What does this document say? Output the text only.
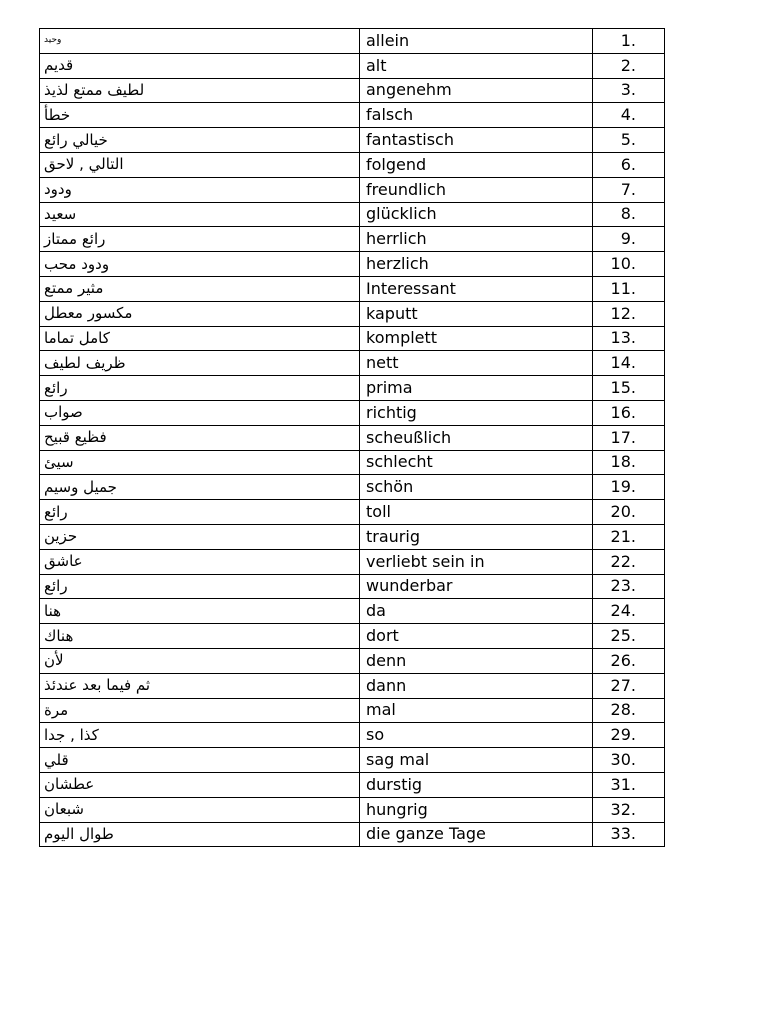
وحيد	allein	1.
قديم	alt	2.
لطيف ممتع لذيذ	angenehm	3.
خطأ	falsch	4.
خيالي رائع	fantastisch	5.
التالي , لاحق	folgend	6.
ودود	freundlich	7.
سعيد	glücklich	8.
رائع ممتاز	herrlich	9.
ودود محب	herzlich	10.
مثير ممتع	Interessant	11.
مكسور معطل	kaputt	12.
كامل تماما	komplett	13.
ظريف لطيف	nett	14.
رائع	prima	15.
صواب	richtig	16.
فظيع قبيح	scheußlich	17.
سيئ	schlecht	18.
جميل وسيم	schön	19.
رائع	toll	20.
حزين	traurig	21.
عاشق	verliebt sein in	22.
رائع	wunderbar	23.
هنا	da	24.
هناك	dort	25.
لأن	denn	26.
ثم فيما بعد عندئذ	dann	27.
مرة	mal	28.
كذا , جدا	so	29.
قلي	sag mal	30.
عطشان	durstig	31.
شبعان	hungrig	32.
طوال اليوم	die ganze Tage	33.
